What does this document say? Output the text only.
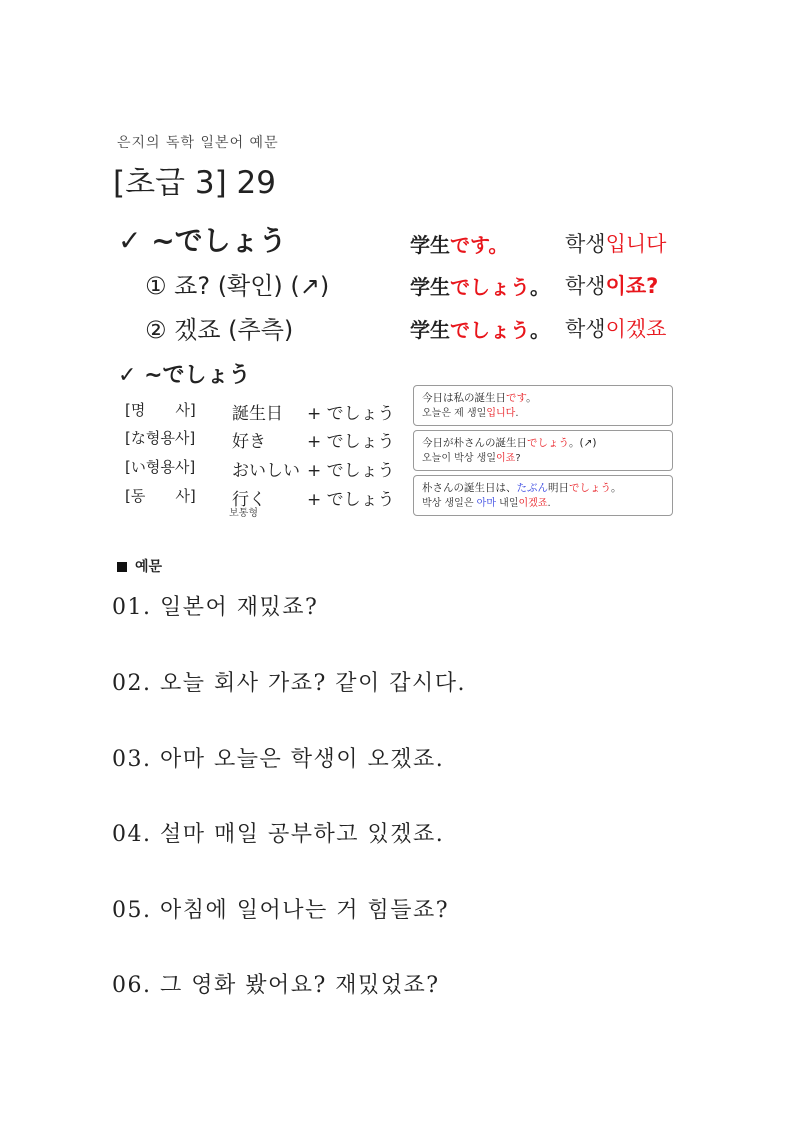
은지의 독학 일본어 예문
[초급 3] 29
✓ ~でしょう	学生です。	학생입니다
① 죠? (확인) (↗)	学生でしょう。 학생이죠?
② 겠죠 (추측)	学生でしょう。 학생이겠죠
✓ ~でしょう
[명　　사] 誕生日 + でしょう
[な형용사] 好き + でしょう
[い형용사] おいしい + でしょう
[동　　사] 行く + でしょう
보통형
今日は私の誕生日です。
오늘은 제 생일입니다.
今日が朴さんの誕生日でしょう。(↗)
오늘이 박상 생일이죠?
朴さんの誕生日は、たぶん明日でしょう。
박상 생일은 아마 내일이겠죠.
예문
01. 일본어 재밌죠?
02. 오늘 회사 가죠? 같이 갑시다.
03. 아마 오늘은 학생이 오겠죠.
04. 설마 매일 공부하고 있겠죠.
05. 아침에 일어나는 거 힘들죠?
06. 그 영화 봤어요? 재밌었죠?
